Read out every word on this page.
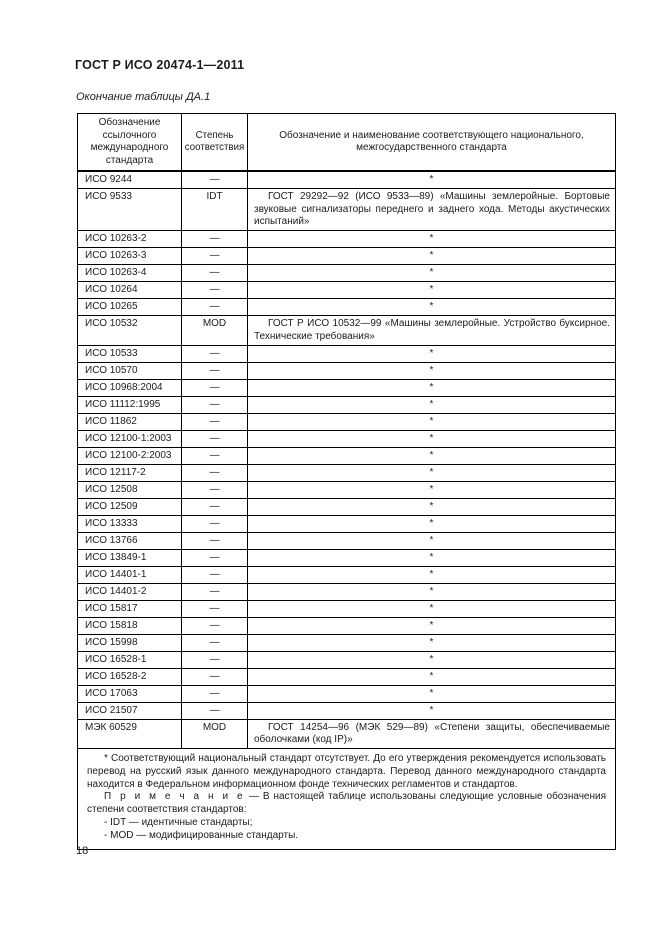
ГОСТ Р ИСО 20474-1—2011
Окончание таблицы ДА.1
Обозначение ссылочного международного стандарта	Степень соответствия	Обозначение и наименование соответствующего национального, межгосударственного стандарта
ИСО 9244	—	*
ИСО 9533	IDT	ГОСТ 29292—92 (ИСО 9533—89) «Машины землеройные. Бортовые звуковые сигнализаторы переднего и заднего хода. Методы акустических испытаний»
ИСО 10263-2	—	*
ИСО 10263-3	—	*
ИСО 10263-4	—	*
ИСО 10264	—	*
ИСО 10265	—	*
ИСО 10532	MOD	ГОСТ Р ИСО 10532—99 «Машины землеройные. Устройство буксирное. Технические требования»
ИСО 10533	—	*
ИСО 10570	—	*
ИСО 10968:2004	—	*
ИСО 11112:1995	—	*
ИСО 11862	—	*
ИСО 12100-1:2003	—	*
ИСО 12100-2:2003	—	*
ИСО 12117-2	—	*
ИСО 12508	—	*
ИСО 12509	—	*
ИСО 13333	—	*
ИСО 13766	—	*
ИСО 13849-1	—	*
ИСО 14401-1	—	*
ИСО 14401-2	—	*
ИСО 15817	—	*
ИСО 15818	—	*
ИСО 15998	—	*
ИСО 16528-1	—	*
ИСО 16528-2	—	*
ИСО 17063	—	*
ИСО 21507	—	*
МЭК 60529	MOD	ГОСТ 14254—96 (МЭК 529—89) «Степени защиты, обеспечиваемые оболочками (код IP)»

* Соответствующий национальный стандарт отсутствует. До его утверждения рекомендуется использовать перевод на русский язык данного международного стандарта. Перевод данного международного стандарта находится в Федеральном информационном фонде технических регламентов и стандартов.

П р и м е ч а н и е — В настоящей таблице использованы следующие условные обозначения степени соответствия стандартов:

- IDT — идентичные стандарты;

- MOD — модифицированные стандарты.		

18
